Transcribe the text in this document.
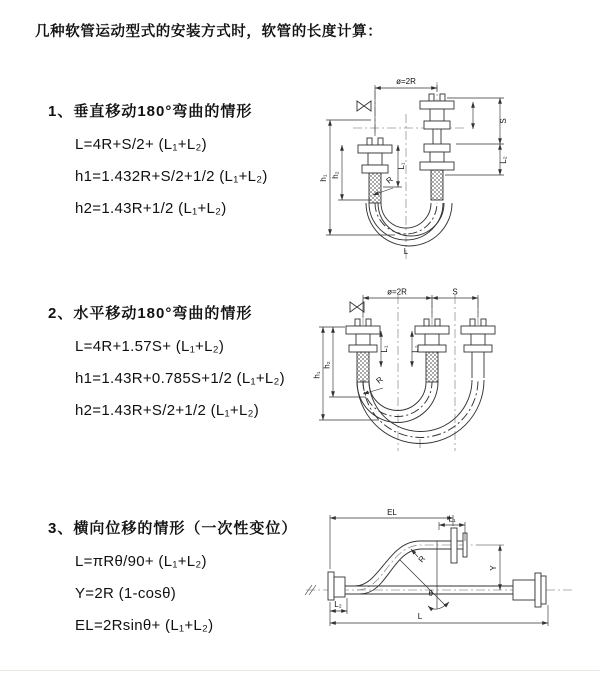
几种软管运动型式的安装方式时，软管的长度计算：
1、垂直移动180°弯曲的情形
L=4R+S/2+ (L₁+L₂)
h1=1.432R+S/2+1/2 (L₁+L₂)
h2=1.43R+1/2 (L₁+L₂)
2、水平移动180°弯曲的情形
L=4R+1.57S+ (L₁+L₂)
h1=1.43R+0.785S+1/2 (L₁+L₂)
h2=1.43R+S/2+1/2 (L₁+L₂)
3、横向位移的情形（一次性变位）
L=πRθ/90+ (L₁+L₂)
Y=2R (1-cosθ)
EL=2Rsinθ+ (L₁+L₂)
ø=2R
h₁ h₂
L₁
S
L₂
R
L
ø=2R	S
h₁
h₂
L₁	L₂
R
EL
L₁
Y
θ
R
L₂
L
